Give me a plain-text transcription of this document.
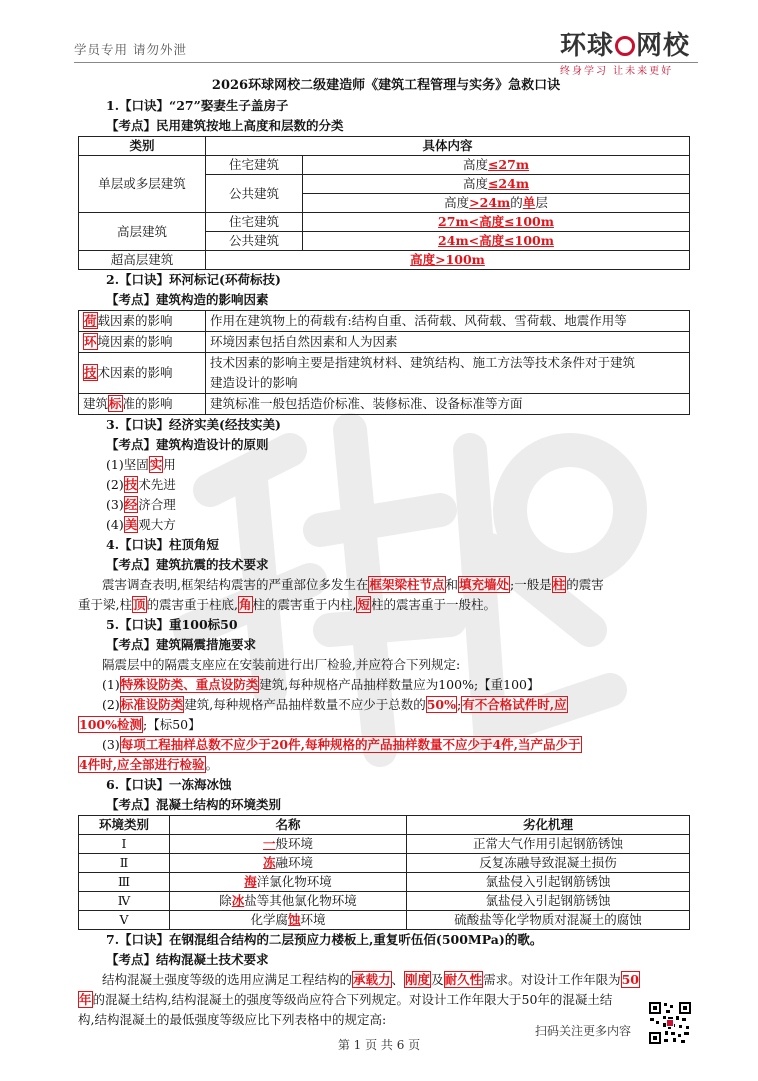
学员专用 请勿外泄	环球 网校
终身学习 让未来更好
2026环球网校二级建造师《建筑工程管理与实务》急救口诀
1.【口诀】“27”娶妻生子盖房子
【考点】民用建筑按地上高度和层数的分类
类别	具体内容	
单层或多层建筑	住宅建筑	高度≤27m
	公共建筑	高度≤24m
		高度>24m的单层
高层建筑	住宅建筑	27m<高度≤100m
	公共建筑	24m<高度≤100m
超高层建筑	高度>100m	
2.【口诀】环河标记(环荷标技)
【考点】建筑构造的影响因素
荷载因素的影响	作用在建筑物上的荷载有:结构自重、活荷载、风荷载、雪荷载、地震作用等
环境因素的影响	环境因素包括自然因素和人为因素
技术因素的影响	技术因素的影响主要是指建筑材料、建筑结构、施工方法等技术条件对于建筑
建造设计的影响

建筑标准的影响	建筑标准一般包括造价标准、装修标准、设备标准等方面
3.【口诀】经济实美(经技实美)
【考点】建筑构造设计的原则
(1)坚固实用
(2)技术先进
(3)经济合理
(4)美观大方
4.【口诀】柱顶角短
【考点】建筑抗震的技术要求
震害调查表明,框架结构震害的严重部位多发生在框架梁柱节点和填充墙处;一般是柱的震害
重于梁,柱顶的震害重于柱底,角柱的震害重于内柱,短柱的震害重于一般柱。
5.【口诀】重100标50
【考点】建筑隔震措施要求
隔震层中的隔震支座应在安装前进行出厂检验,并应符合下列规定:
(1)特殊设防类、重点设防类建筑,每种规格产品抽样数量应为100%;【重100】
(2)标准设防类建筑,每种规格产品抽样数量不应少于总数的50%;有不合格试件时,应
100%检测;【标50】
(3)每项工程抽样总数不应少于20件,每种规格的产品抽样数量不应少于4件,当产品少于
4件时,应全部进行检验。
6.【口诀】一冻海冰蚀
【考点】混凝土结构的环境类别
环境类别	名称	劣化机理
Ⅰ	一般环境	正常大气作用引起钢筋锈蚀
Ⅱ	冻融环境	反复冻融导致混凝土损伤
Ⅲ	海洋氯化物环境	氯盐侵入引起钢筋锈蚀
Ⅳ	除冰盐等其他氯化物环境	氯盐侵入引起钢筋锈蚀
Ⅴ	化学腐蚀环境	硫酸盐等化学物质对混凝土的腐蚀
7.【口诀】在钢混组合结构的二层预应力楼板上,重复听伍佰(500MPa)的歌。
【考点】结构混凝土技术要求
结构混凝土强度等级的选用应满足工程结构的承载力、刚度及耐久性需求。对设计工作年限为50
年的混凝土结构,结构混凝土的强度等级尚应符合下列规定。对设计工作年限大于50年的混凝土结
构,结构混凝土的最低强度等级应比下列表格中的规定高:
扫码关注更多内容
第 1 页 共 6 页
